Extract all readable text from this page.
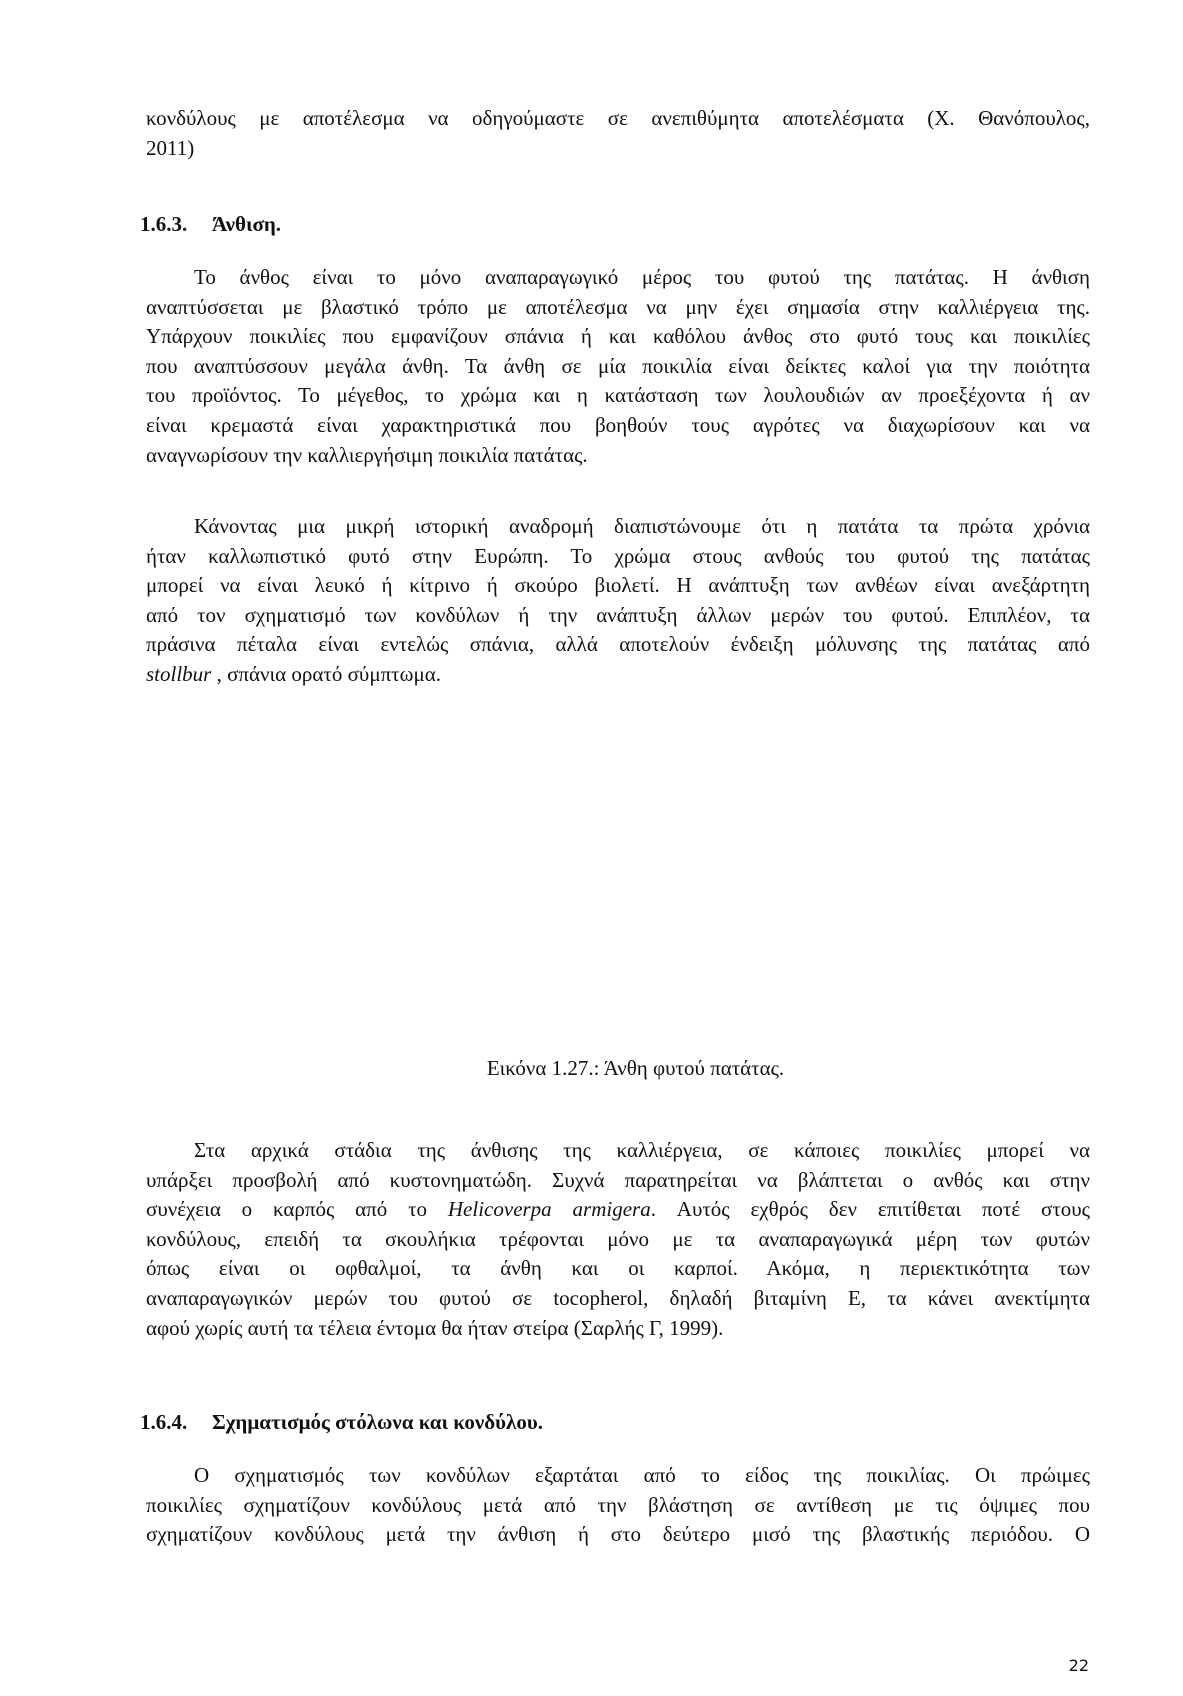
κονδύλους με αποτέλεσμα να οδηγούμαστε σε ανεπιθύμητα αποτελέσματα (Χ. Θανόπουλος,
2011)
1.6.3. Άνθιση.
Το άνθος είναι το μόνο αναπαραγωγικό μέρος του φυτού της πατάτας. Η άνθιση
αναπτύσσεται με βλαστικό τρόπο με αποτέλεσμα να μην έχει σημασία στην καλλιέργεια της.
Υπάρχουν ποικιλίες που εμφανίζουν σπάνια ή και καθόλου άνθος στο φυτό τους και ποικιλίες
που αναπτύσσουν μεγάλα άνθη. Τα άνθη σε μία ποικιλία είναι δείκτες καλοί για την ποιότητα
του προϊόντος. Το μέγεθος, το χρώμα και η κατάσταση των λουλουδιών αν προεξέχοντα ή αν
είναι κρεμαστά είναι χαρακτηριστικά που βοηθούν τους αγρότες να διαχωρίσουν και να
αναγνωρίσουν την καλλιεργήσιμη ποικιλία πατάτας.
Κάνοντας μια μικρή ιστορική αναδρομή διαπιστώνουμε ότι η πατάτα τα πρώτα χρόνια
ήταν καλλωπιστικό φυτό στην Ευρώπη. Το χρώμα στους ανθούς του φυτού της πατάτας
μπορεί να είναι λευκό ή κίτρινο ή σκούρο βιολετί. Η ανάπτυξη των ανθέων είναι ανεξάρτητη
από τον σχηματισμό των κονδύλων ή την ανάπτυξη άλλων μερών του φυτού. Επιπλέον, τα
πράσινα πέταλα είναι εντελώς σπάνια, αλλά αποτελούν ένδειξη μόλυνσης της πατάτας από
stollbur , σπάνια ορατό σύμπτωμα.
Εικόνα 1.27.: Άνθη φυτού πατάτας.
Στα αρχικά στάδια της άνθισης της καλλιέργεια, σε κάποιες ποικιλίες μπορεί να
υπάρξει προσβολή από κυστονηματώδη. Συχνά παρατηρείται να βλάπτεται ο ανθός και στην
συνέχεια ο καρπός από το Helicoverpa armigera. Αυτός εχθρός δεν επιτίθεται ποτέ στους
κονδύλους, επειδή τα σκουλήκια τρέφονται μόνο με τα αναπαραγωγικά μέρη των φυτών
όπως είναι οι οφθαλμοί, τα άνθη και οι καρποί. Ακόμα, η περιεκτικότητα των
αναπαραγωγικών μερών του φυτού σε tocopherol, δηλαδή βιταμίνη Ε, τα κάνει ανεκτίμητα
αφού χωρίς αυτή τα τέλεια έντομα θα ήταν στείρα (Σαρλής Γ, 1999).
1.6.4. Σχηματισμός στόλωνα και κονδύλου.
Ο σχηματισμός των κονδύλων εξαρτάται από το είδος της ποικιλίας. Οι πρώιμες
ποικιλίες σχηματίζουν κονδύλους μετά από την βλάστηση σε αντίθεση με τις όψιμες που
σχηματίζουν κονδύλους μετά την άνθιση ή στο δεύτερο μισό της βλαστικής περιόδου. Ο
22
